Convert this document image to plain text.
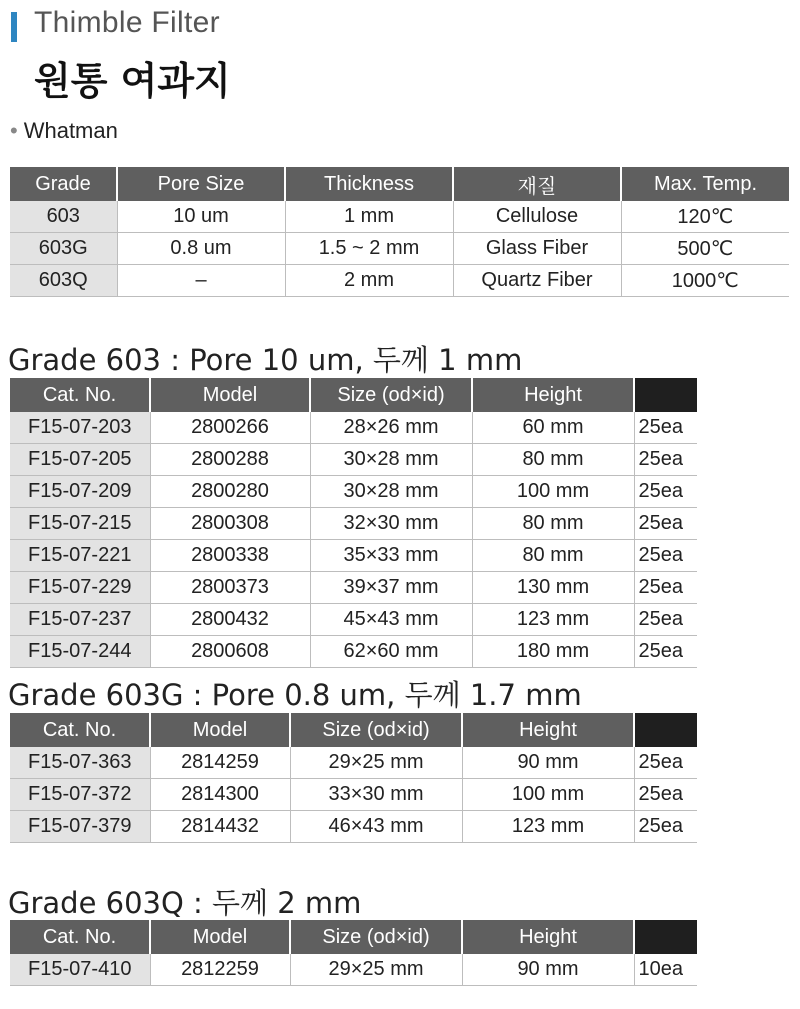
Thimble Filter
원통 여과지
• Whatman
Grade	Pore Size	Thickness	재질	Max. Temp.
603	10 um	1 mm	Cellulose	120℃
603G	0.8 um	1.5 ~ 2 mm	Glass Fiber	500℃
603Q	–	2 mm	Quartz Fiber	1000℃
Grade 603 : Pore 10 um, 두께 1 mm
Cat. No.	Model	Size (od×id)	Height	
F15-07-203	2800266	28×26 mm	60 mm	25ea
F15-07-205	2800288	30×28 mm	80 mm	25ea
F15-07-209	2800280	30×28 mm	100 mm	25ea
F15-07-215	2800308	32×30 mm	80 mm	25ea
F15-07-221	2800338	35×33 mm	80 mm	25ea
F15-07-229	2800373	39×37 mm	130 mm	25ea
F15-07-237	2800432	45×43 mm	123 mm	25ea
F15-07-244	2800608	62×60 mm	180 mm	25ea
Grade 603G : Pore 0.8 um, 두께 1.7 mm
Cat. No.	Model	Size (od×id)	Height	
F15-07-363	2814259	29×25 mm	90 mm	25ea
F15-07-372	2814300	33×30 mm	100 mm	25ea
F15-07-379	2814432	46×43 mm	123 mm	25ea
Grade 603Q : 두께 2 mm
Cat. No.	Model	Size (od×id)	Height	
F15-07-410	2812259	29×25 mm	90 mm	10ea
